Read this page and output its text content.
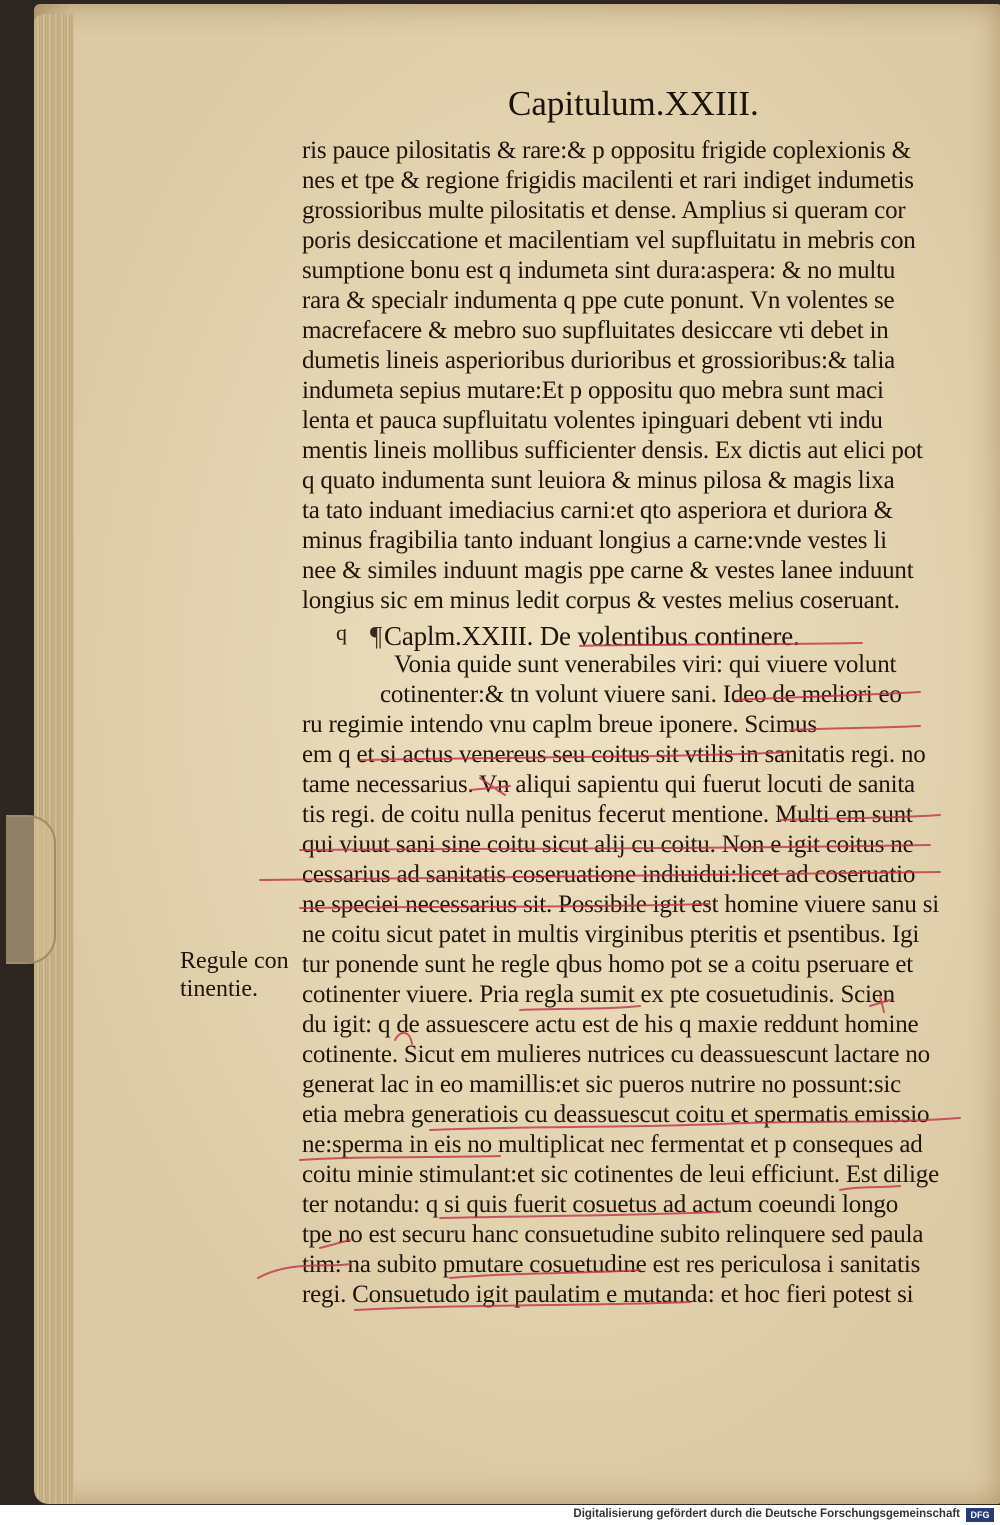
Capitulum.XXIII.
ris pauce pilositatis & rare:& p oppositu frigide coplexionis &
nes et tpe & regione frigidis macilenti et rari indiget indumetis
grossioribus multe pilositatis et dense. Amplius si queram cor
poris desiccatione et macilentiam vel supfluitatu in mebris con
sumptione bonu est q indumeta sint dura:aspera: & no multu
rara & specialr indumenta q ppe cute ponunt. Vn volentes se
macrefacere & mebro suo supfluitates desiccare vti debet in
dumetis lineis asperioribus durioribus et grossioribus:& talia
indumeta sepius mutare:Et p oppositu quo mebra sunt maci
lenta et pauca supfluitatu volentes ipinguari debent vti indu
mentis lineis mollibus sufficienter densis. Ex dictis aut elici pot
q quato indumenta sunt leuiora & minus pilosa & magis lixa
ta tato induant imediacius carni:et qto asperiora et duriora &
minus fragibilia tanto induant longius a carne:vnde vestes li
nee & similes induunt magis ppe carne & vestes lanee induunt
longius sic em minus ledit corpus & vestes melius coseruant.
¶Caplm.XXIII. De volentibus continere.
q
Vonia quide sunt venerabiles viri: qui viuere volunt
cotinenter:& tn volunt viuere sani. Ideo de meliori eo
ru regimie intendo vnu caplm breue iponere. Scimus
em q et si actus venereus seu coitus sit vtilis in sanitatis regi. no
tame necessarius. Vn aliqui sapientu qui fuerut locuti de sanita
tis regi. de coitu nulla penitus fecerut mentione. Multi em sunt
qui viuut sani sine coitu sicut alij cu coitu. Non e igit coitus ne
cessarius ad sanitatis coseruatione indiuidui:licet ad coseruatio
ne speciei necessarius sit. Possibile igit est homine viuere sanu si
ne coitu sicut patet in multis virginibus pteritis et psentibus. Igi
tur ponende sunt he regle qbus homo pot se a coitu pseruare et
cotinenter viuere. Pria regla sumit ex pte cosuetudinis. Scien
du igit: q de assuescere actu est de his q maxie reddunt homine
cotinente. Sicut em mulieres nutrices cu deassuescunt lactare no
generat lac in eo mamillis:et sic pueros nutrire no possunt:sic
etia mebra generatiois cu deassuescut coitu et spermatis emissio
ne:sperma in eis no multiplicat nec fermentat et p conseques ad
coitu minie stimulant:et sic cotinentes de leui efficiunt. Est dilige
ter notandu: q si quis fuerit cosuetus ad actum coeundi longo
tpe no est securu hanc consuetudine subito relinquere sed paula
tim: na subito pmutare cosuetudine est res periculosa i sanitatis
regi. Consuetudo igit paulatim e mutanda: et hoc fieri potest si
Regule con
tinentie.
Digitalisierung gefördert durch die Deutsche Forschungsgemeinschaft	DFG
